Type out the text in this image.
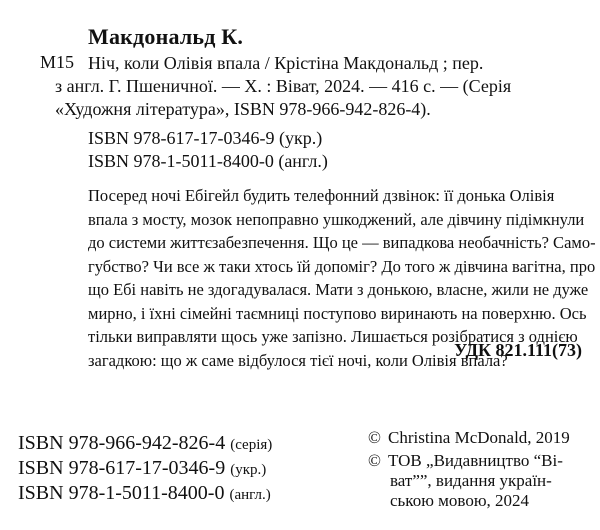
Макдональд К.
М15 Ніч, коли Олівія впала / Крістіна Макдональд ; пер.
з англ. Г. Пшеничної. — Х. : Віват, 2024. — 416 с. — (Серія
«Художня література», ISBN 978-966-942-826-4).
ISBN 978-617-17-0346-9 (укр.)
ISBN 978-1-5011-8400-0 (англ.)
Посеред ночі Ебігейл будить телефонний дзвінок: її донька Олівія
впала з мосту, мозок непоправно ушкоджений, але дівчину підімкнули
до системи життєзабезпечення. Що це — випадкова необачність? Само-
губство? Чи все ж таки хтось їй допоміг? До того ж дівчина вагітна, про
що Ебі навіть не здогадувалася. Мати з донькою, власне, жили не дуже
мирно, і їхні сімейні таємниці поступово виринають на поверхню. Ось
тільки виправляти щось уже запізно. Лишається розібратися з однією
загадкою: що ж саме відбулося тієї ночі, коли Олівія впала?
УДК 821.111(73)
ISBN 978-966-942-826-4 (серія)
ISBN 978-617-17-0346-9 (укр.)
ISBN 978-1-5011-8400-0 (англ.)
© Christina McDonald, 2019
© ТОВ „Видавництво “Ві-
ват””, видання україн-
ською мовою, 2024
